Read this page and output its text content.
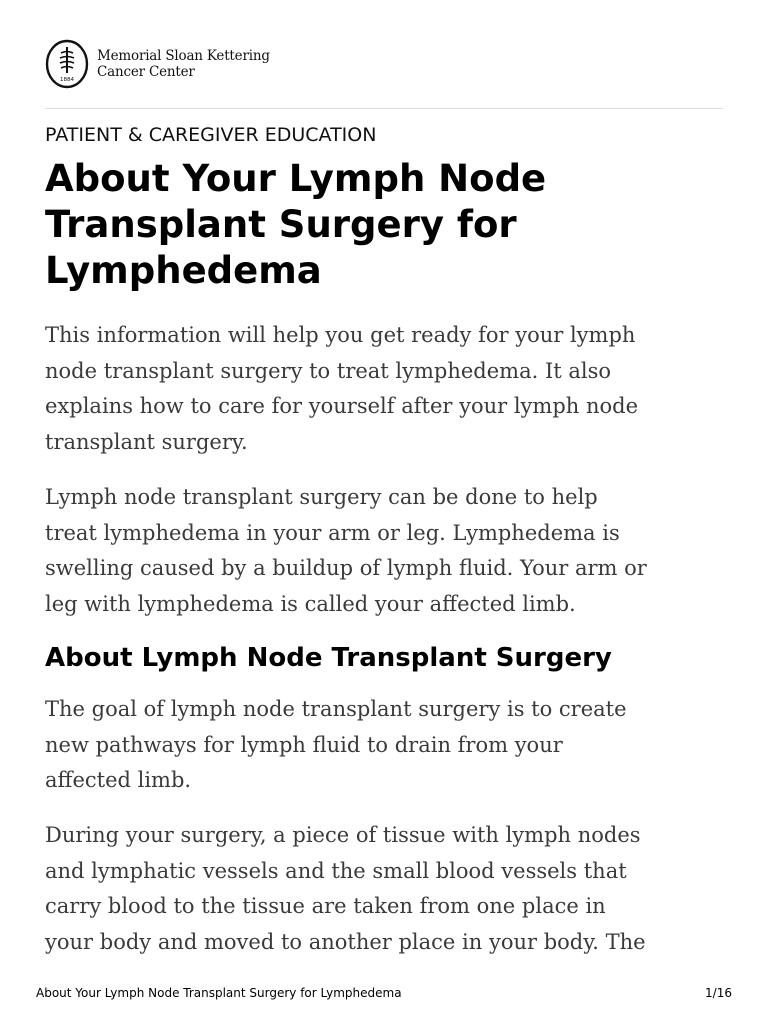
1884
Memorial Sloan Kettering
Cancer Center
PATIENT & CAREGIVER EDUCATION
About Your Lymph Node
Transplant Surgery for
Lymphedema

This information will help you get ready for your lymph
node transplant surgery to treat lymphedema. It also
explains how to care for yourself after your lymph node
transplant surgery.

Lymph node transplant surgery can be done to help
treat lymphedema in your arm or leg. Lymphedema is
swelling caused by a buildup of lymph fluid. Your arm or
leg with lymphedema is called your affected limb.

About Lymph Node Transplant Surgery

The goal of lymph node transplant surgery is to create
new pathways for lymph fluid to drain from your
affected limb.

During your surgery, a piece of tissue with lymph nodes
and lymphatic vessels and the small blood vessels that
carry blood to the tissue are taken from one place in
your body and moved to another place in your body. The

About Your Lymph Node Transplant Surgery for Lymphedema	1/16
